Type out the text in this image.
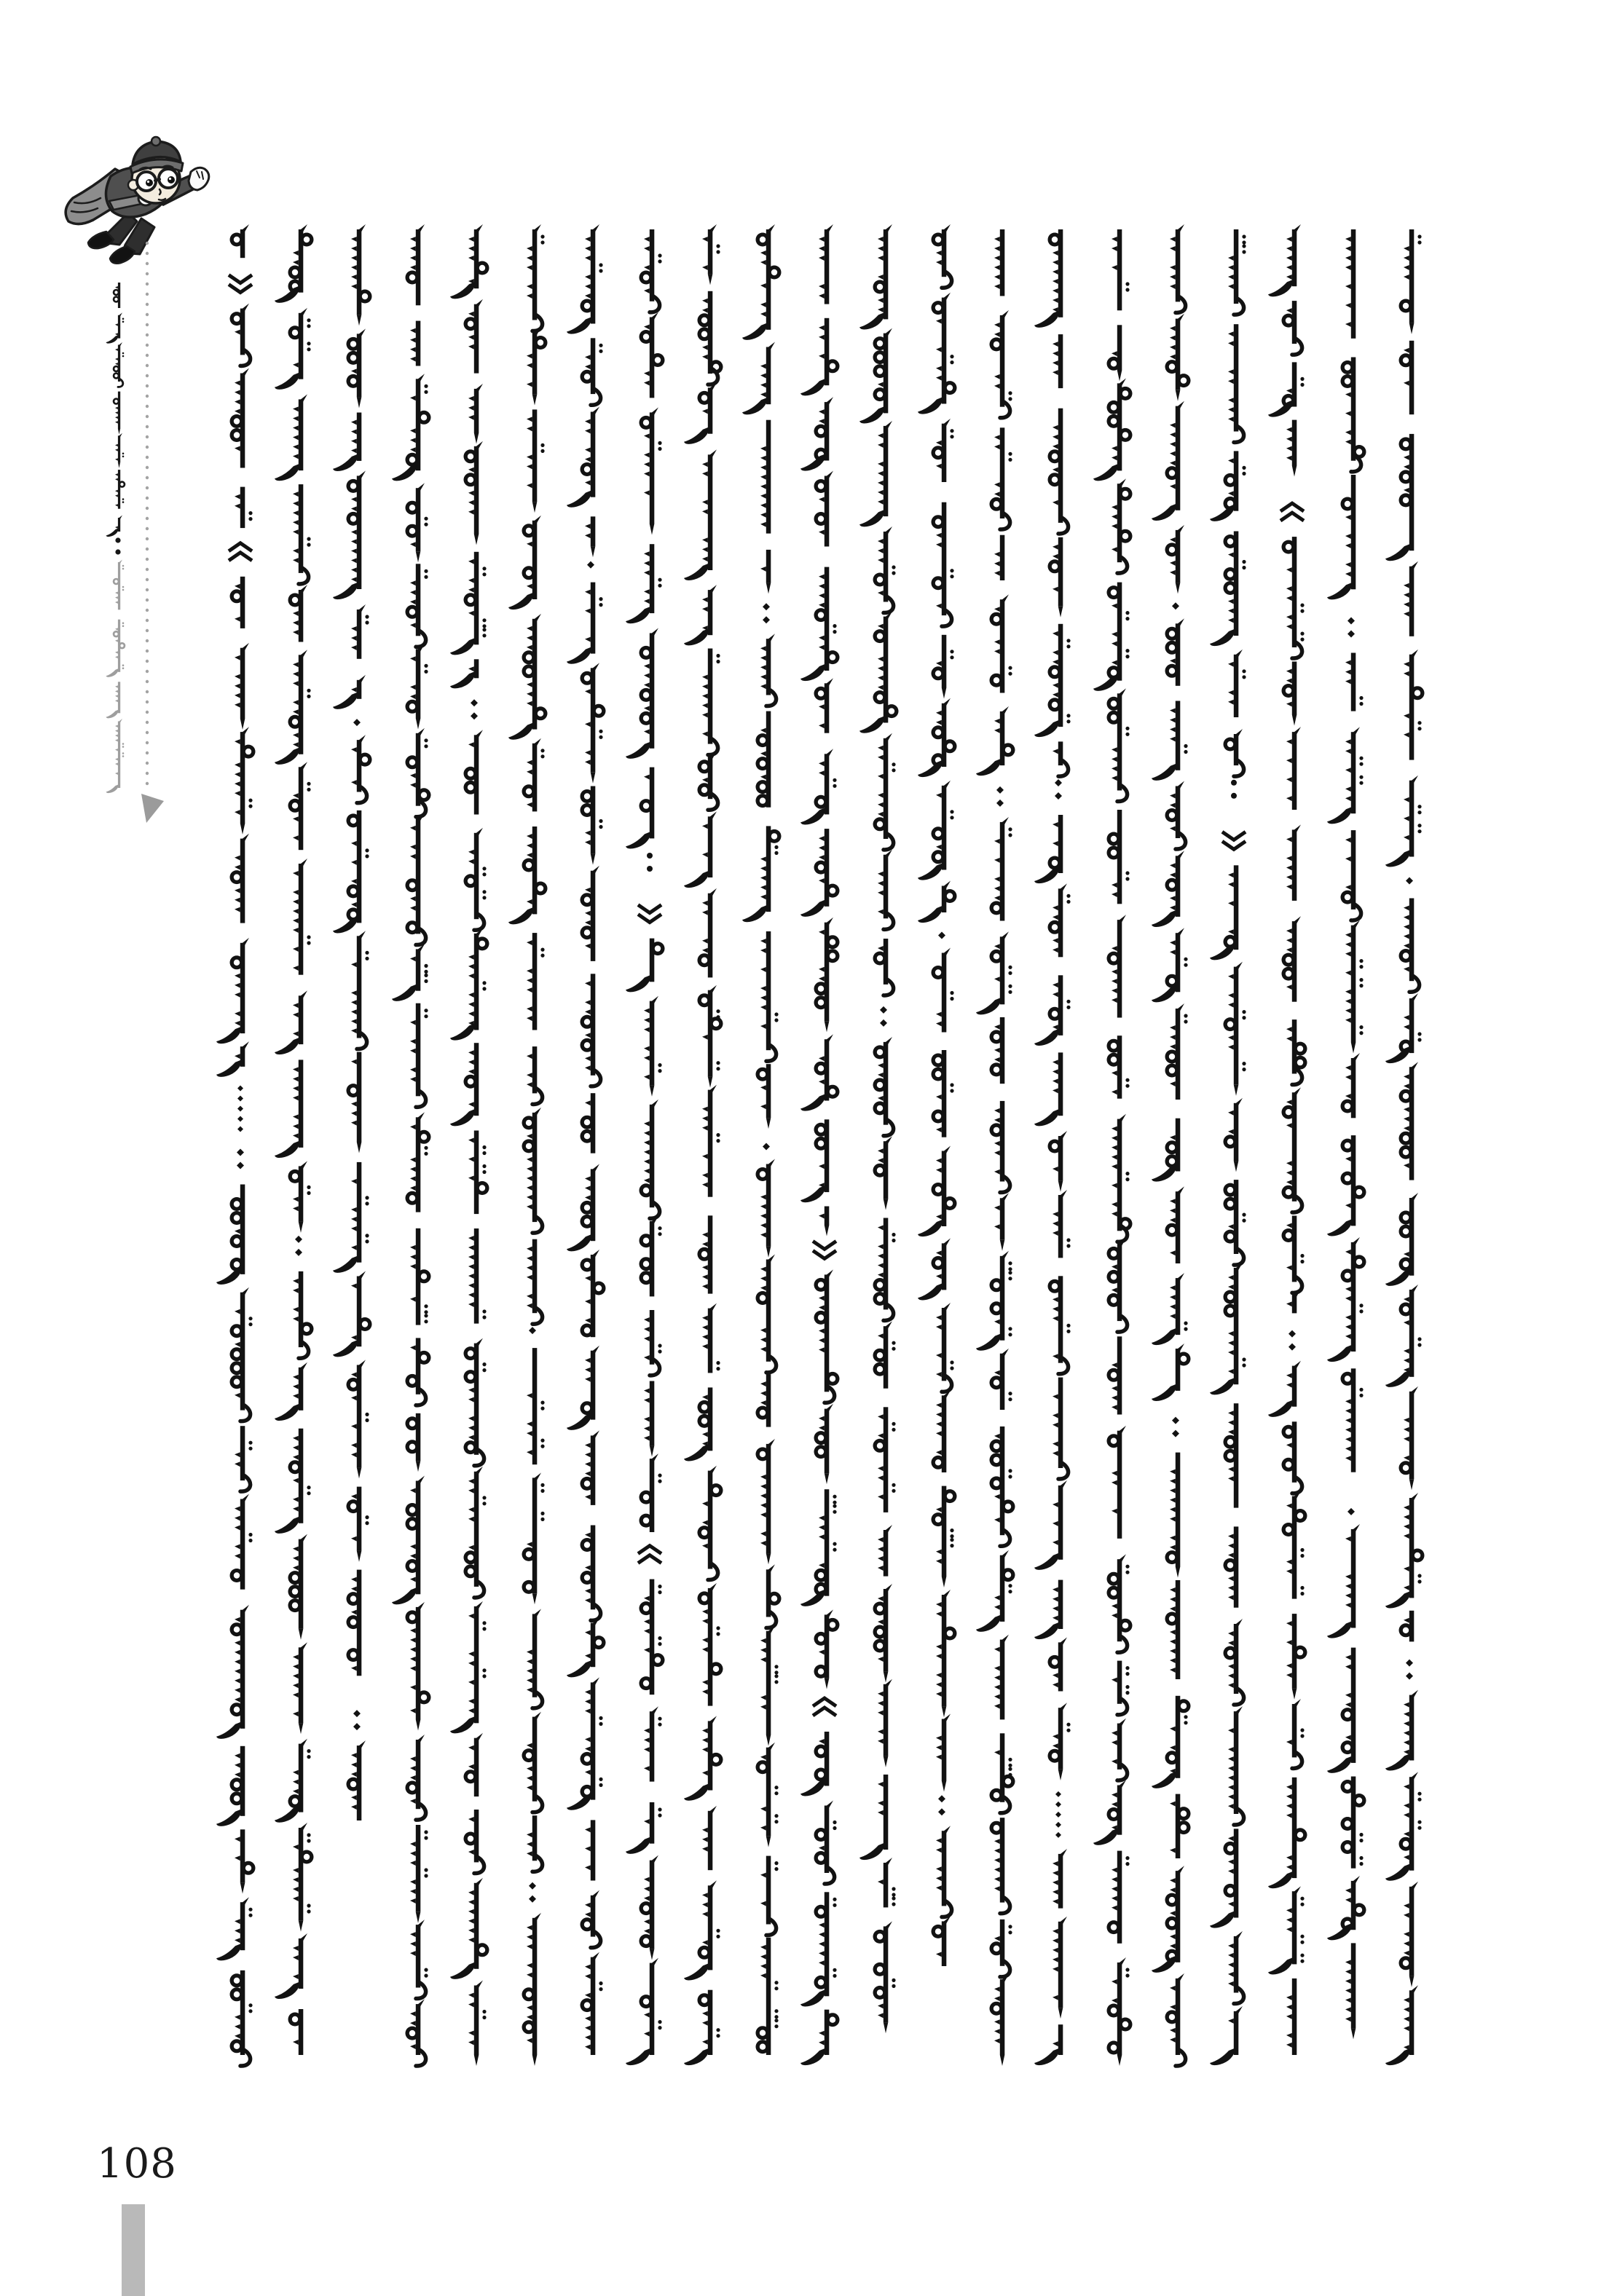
108
